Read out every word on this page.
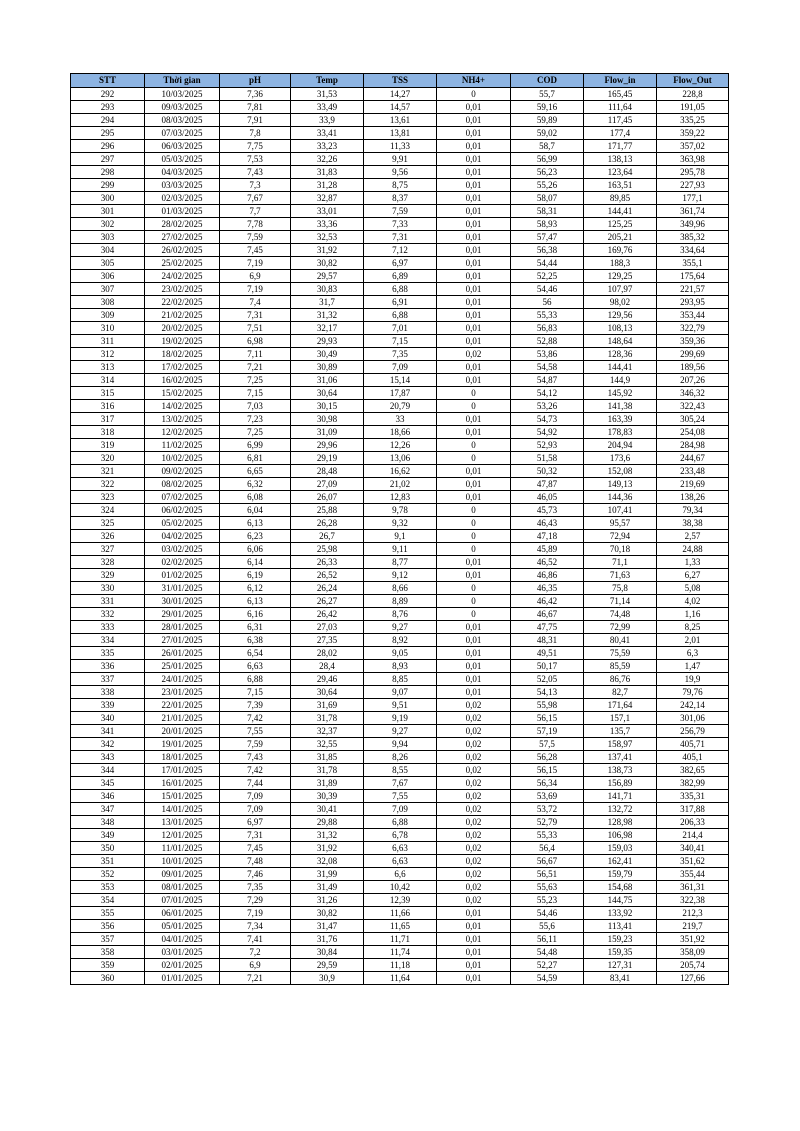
STT	Thời gian	pH	Temp	TSS	NH4+	COD	Flow_in	Flow_Out
292	10/03/2025	7,36	31,53	14,27	0	55,7	165,45	228,8
293	09/03/2025	7,81	33,49	14,57	0,01	59,16	111,64	191,05
294	08/03/2025	7,91	33,9	13,61	0,01	59,89	117,45	335,25
295	07/03/2025	7,8	33,41	13,81	0,01	59,02	177,4	359,22
296	06/03/2025	7,75	33,23	11,33	0,01	58,7	171,77	357,02
297	05/03/2025	7,53	32,26	9,91	0,01	56,99	138,13	363,98
298	04/03/2025	7,43	31,83	9,56	0,01	56,23	123,64	295,78
299	03/03/2025	7,3	31,28	8,75	0,01	55,26	163,51	227,93
300	02/03/2025	7,67	32,87	8,37	0,01	58,07	89,85	177,1
301	01/03/2025	7,7	33,01	7,59	0,01	58,31	144,41	361,74
302	28/02/2025	7,78	33,36	7,33	0,01	58,93	125,25	349,96
303	27/02/2025	7,59	32,53	7,31	0,01	57,47	205,21	385,32
304	26/02/2025	7,45	31,92	7,12	0,01	56,38	169,76	334,64
305	25/02/2025	7,19	30,82	6,97	0,01	54,44	188,3	355,1
306	24/02/2025	6,9	29,57	6,89	0,01	52,25	129,25	175,64
307	23/02/2025	7,19	30,83	6,88	0,01	54,46	107,97	221,57
308	22/02/2025	7,4	31,7	6,91	0,01	56	98,02	293,95
309	21/02/2025	7,31	31,32	6,88	0,01	55,33	129,56	353,44
310	20/02/2025	7,51	32,17	7,01	0,01	56,83	108,13	322,79
311	19/02/2025	6,98	29,93	7,15	0,01	52,88	148,64	359,36
312	18/02/2025	7,11	30,49	7,35	0,02	53,86	128,36	299,69
313	17/02/2025	7,21	30,89	7,09	0,01	54,58	144,41	189,56
314	16/02/2025	7,25	31,06	15,14	0,01	54,87	144,9	207,26
315	15/02/2025	7,15	30,64	17,87	0	54,12	145,92	346,32
316	14/02/2025	7,03	30,15	20,79	0	53,26	141,38	322,43
317	13/02/2025	7,23	30,98	33	0,01	54,73	163,39	305,24
318	12/02/2025	7,25	31,09	18,66	0,01	54,92	178,83	254,08
319	11/02/2025	6,99	29,96	12,26	0	52,93	204,94	284,98
320	10/02/2025	6,81	29,19	13,06	0	51,58	173,6	244,67
321	09/02/2025	6,65	28,48	16,62	0,01	50,32	152,08	233,48
322	08/02/2025	6,32	27,09	21,02	0,01	47,87	149,13	219,69
323	07/02/2025	6,08	26,07	12,83	0,01	46,05	144,36	138,26
324	06/02/2025	6,04	25,88	9,78	0	45,73	107,41	79,34
325	05/02/2025	6,13	26,28	9,32	0	46,43	95,57	38,38
326	04/02/2025	6,23	26,7	9,1	0	47,18	72,94	2,57
327	03/02/2025	6,06	25,98	9,11	0	45,89	70,18	24,88
328	02/02/2025	6,14	26,33	8,77	0,01	46,52	71,1	1,33
329	01/02/2025	6,19	26,52	9,12	0,01	46,86	71,63	6,27
330	31/01/2025	6,12	26,24	8,66	0	46,35	75,8	5,08
331	30/01/2025	6,13	26,27	8,89	0	46,42	71,14	4,02
332	29/01/2025	6,16	26,42	8,76	0	46,67	74,48	1,16
333	28/01/2025	6,31	27,03	9,27	0,01	47,75	72,99	8,25
334	27/01/2025	6,38	27,35	8,92	0,01	48,31	80,41	2,01
335	26/01/2025	6,54	28,02	9,05	0,01	49,51	75,59	6,3
336	25/01/2025	6,63	28,4	8,93	0,01	50,17	85,59	1,47
337	24/01/2025	6,88	29,46	8,85	0,01	52,05	86,76	19,9
338	23/01/2025	7,15	30,64	9,07	0,01	54,13	82,7	79,76
339	22/01/2025	7,39	31,69	9,51	0,02	55,98	171,64	242,14
340	21/01/2025	7,42	31,78	9,19	0,02	56,15	157,1	301,06
341	20/01/2025	7,55	32,37	9,27	0,02	57,19	135,7	256,79
342	19/01/2025	7,59	32,55	9,94	0,02	57,5	158,97	405,71
343	18/01/2025	7,43	31,85	8,26	0,02	56,28	137,41	405,1
344	17/01/2025	7,42	31,78	8,55	0,02	56,15	138,73	382,65
345	16/01/2025	7,44	31,89	7,67	0,02	56,34	156,89	382,99
346	15/01/2025	7,09	30,39	7,55	0,02	53,69	141,71	335,31
347	14/01/2025	7,09	30,41	7,09	0,02	53,72	132,72	317,88
348	13/01/2025	6,97	29,88	6,88	0,02	52,79	128,98	206,33
349	12/01/2025	7,31	31,32	6,78	0,02	55,33	106,98	214,4
350	11/01/2025	7,45	31,92	6,63	0,02	56,4	159,03	340,41
351	10/01/2025	7,48	32,08	6,63	0,02	56,67	162,41	351,62
352	09/01/2025	7,46	31,99	6,6	0,02	56,51	159,79	355,44
353	08/01/2025	7,35	31,49	10,42	0,02	55,63	154,68	361,31
354	07/01/2025	7,29	31,26	12,39	0,02	55,23	144,75	322,38
355	06/01/2025	7,19	30,82	11,66	0,01	54,46	133,92	212,3
356	05/01/2025	7,34	31,47	11,65	0,01	55,6	113,41	219,7
357	04/01/2025	7,41	31,76	11,71	0,01	56,11	159,23	351,92
358	03/01/2025	7,2	30,84	11,74	0,01	54,48	159,35	358,09
359	02/01/2025	6,9	29,59	11,18	0,01	52,27	127,31	205,74
360	01/01/2025	7,21	30,9	11,64	0,01	54,59	83,41	127,66
